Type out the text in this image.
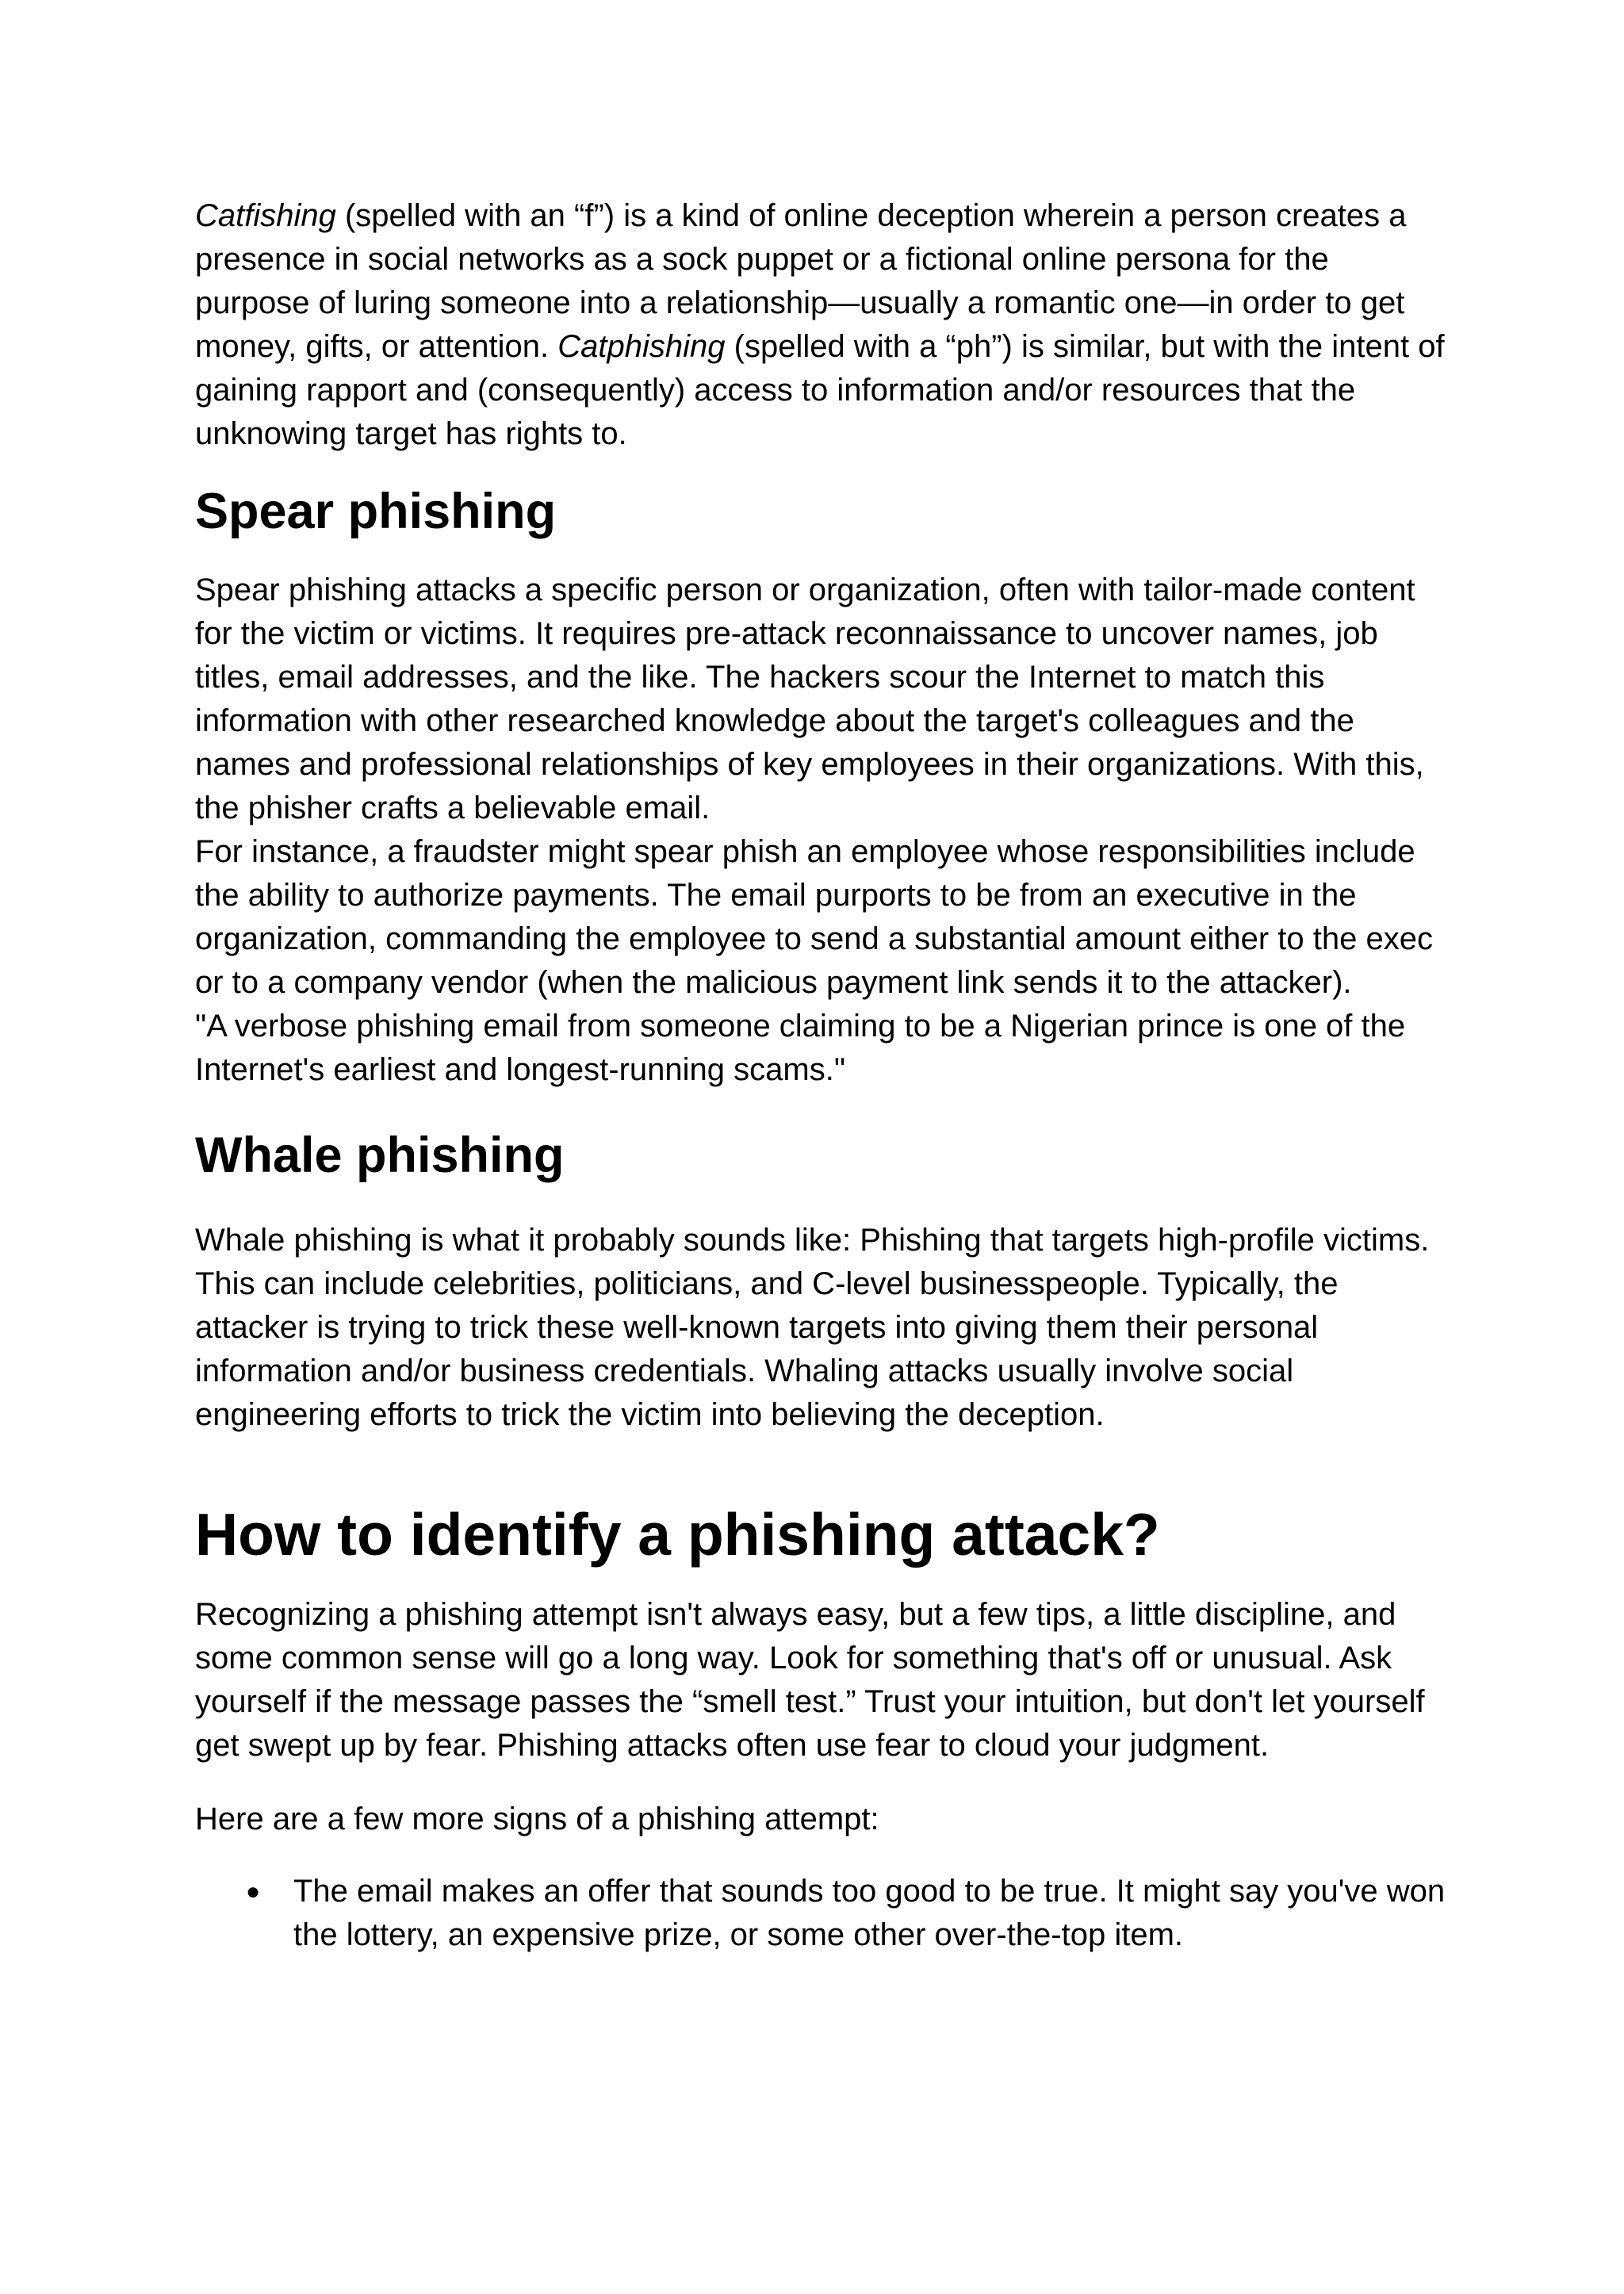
Catfishing (spelled with an “f”) is a kind of online deception wherein a person creates a presence in social networks as a sock puppet or a fictional online persona for the purpose of luring someone into a relationship—usually a romantic one—in order to get money, gifts, or attention. Catphishing (spelled with a “ph”) is similar, but with the intent of gaining rapport and (consequently) access to information and/or resources that the unknowing target has rights to.

Spear phishing

Spear phishing attacks a specific person or organization, often with tailor-made content for the victim or victims. It requires pre-attack reconnaissance to uncover names, job titles, email addresses, and the like. The hackers scour the Internet to match this information with other researched knowledge about the target's colleagues and the names and professional relationships of key employees in their organizations. With this, the phisher crafts a believable email.

For instance, a fraudster might spear phish an employee whose responsibilities include the ability to authorize payments. The email purports to be from an executive in the organization, commanding the employee to send a substantial amount either to the exec or to a company vendor (when the malicious payment link sends it to the attacker).

"A verbose phishing email from someone claiming to be a Nigerian prince is one of the Internet's earliest and longest-running scams."

Whale phishing

Whale phishing is what it probably sounds like: Phishing that targets high-profile victims. This can include celebrities, politicians, and C-level businesspeople. Typically, the attacker is trying to trick these well-known targets into giving them their personal information and/or business credentials. Whaling attacks usually involve social engineering efforts to trick the victim into believing the deception.

How to identify a phishing attack?

Recognizing a phishing attempt isn't always easy, but a few tips, a little discipline, and some common sense will go a long way. Look for something that's off or unusual. Ask yourself if the message passes the “smell test.” Trust your intuition, but don't let yourself get swept up by fear. Phishing attacks often use fear to cloud your judgment.

Here are a few more signs of a phishing attempt:

● The email makes an offer that sounds too good to be true. It might say you've won the lottery, an expensive prize, or some other over-the-top item.
